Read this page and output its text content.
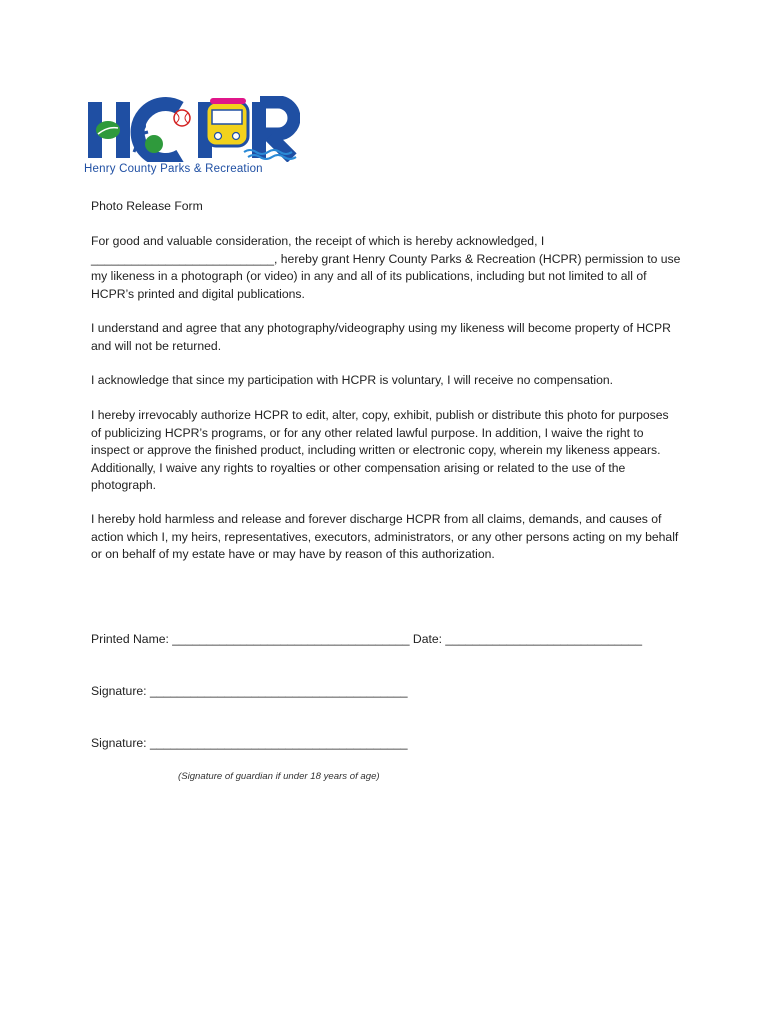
Henry County Parks & Recreation
Photo Release Form
For good and valuable consideration, the receipt of which is hereby acknowledged, I ___________________________, hereby grant Henry County Parks & Recreation (HCPR) permission to use my likeness in a photograph (or video) in any and all of its publications, including but not limited to all of HCPR’s printed and digital publications.
I understand and agree that any photography/videography using my likeness will become property of HCPR and will not be returned.
I acknowledge that since my participation with HCPR is voluntary, I will receive no compensation.
I hereby irrevocably authorize HCPR to edit, alter, copy, exhibit, publish or distribute this photo for purposes of publicizing HCPR’s programs, or for any other related lawful purpose. In addition, I waive the right to inspect or approve the finished product, including written or electronic copy, wherein my likeness appears. Additionally, I waive any rights to royalties or other compensation arising or related to the use of the photograph.
I hereby hold harmless and release and forever discharge HCPR from all claims, demands, and causes of action which I, my heirs, representatives, executors, administrators, or any other persons acting on my behalf or on behalf of my estate have or may have by reason of this authorization.
Printed Name: ___________________________________ Date: _____________________________
Signature: ______________________________________
Signature: ______________________________________
(Signature of guardian if under 18 years of age)
